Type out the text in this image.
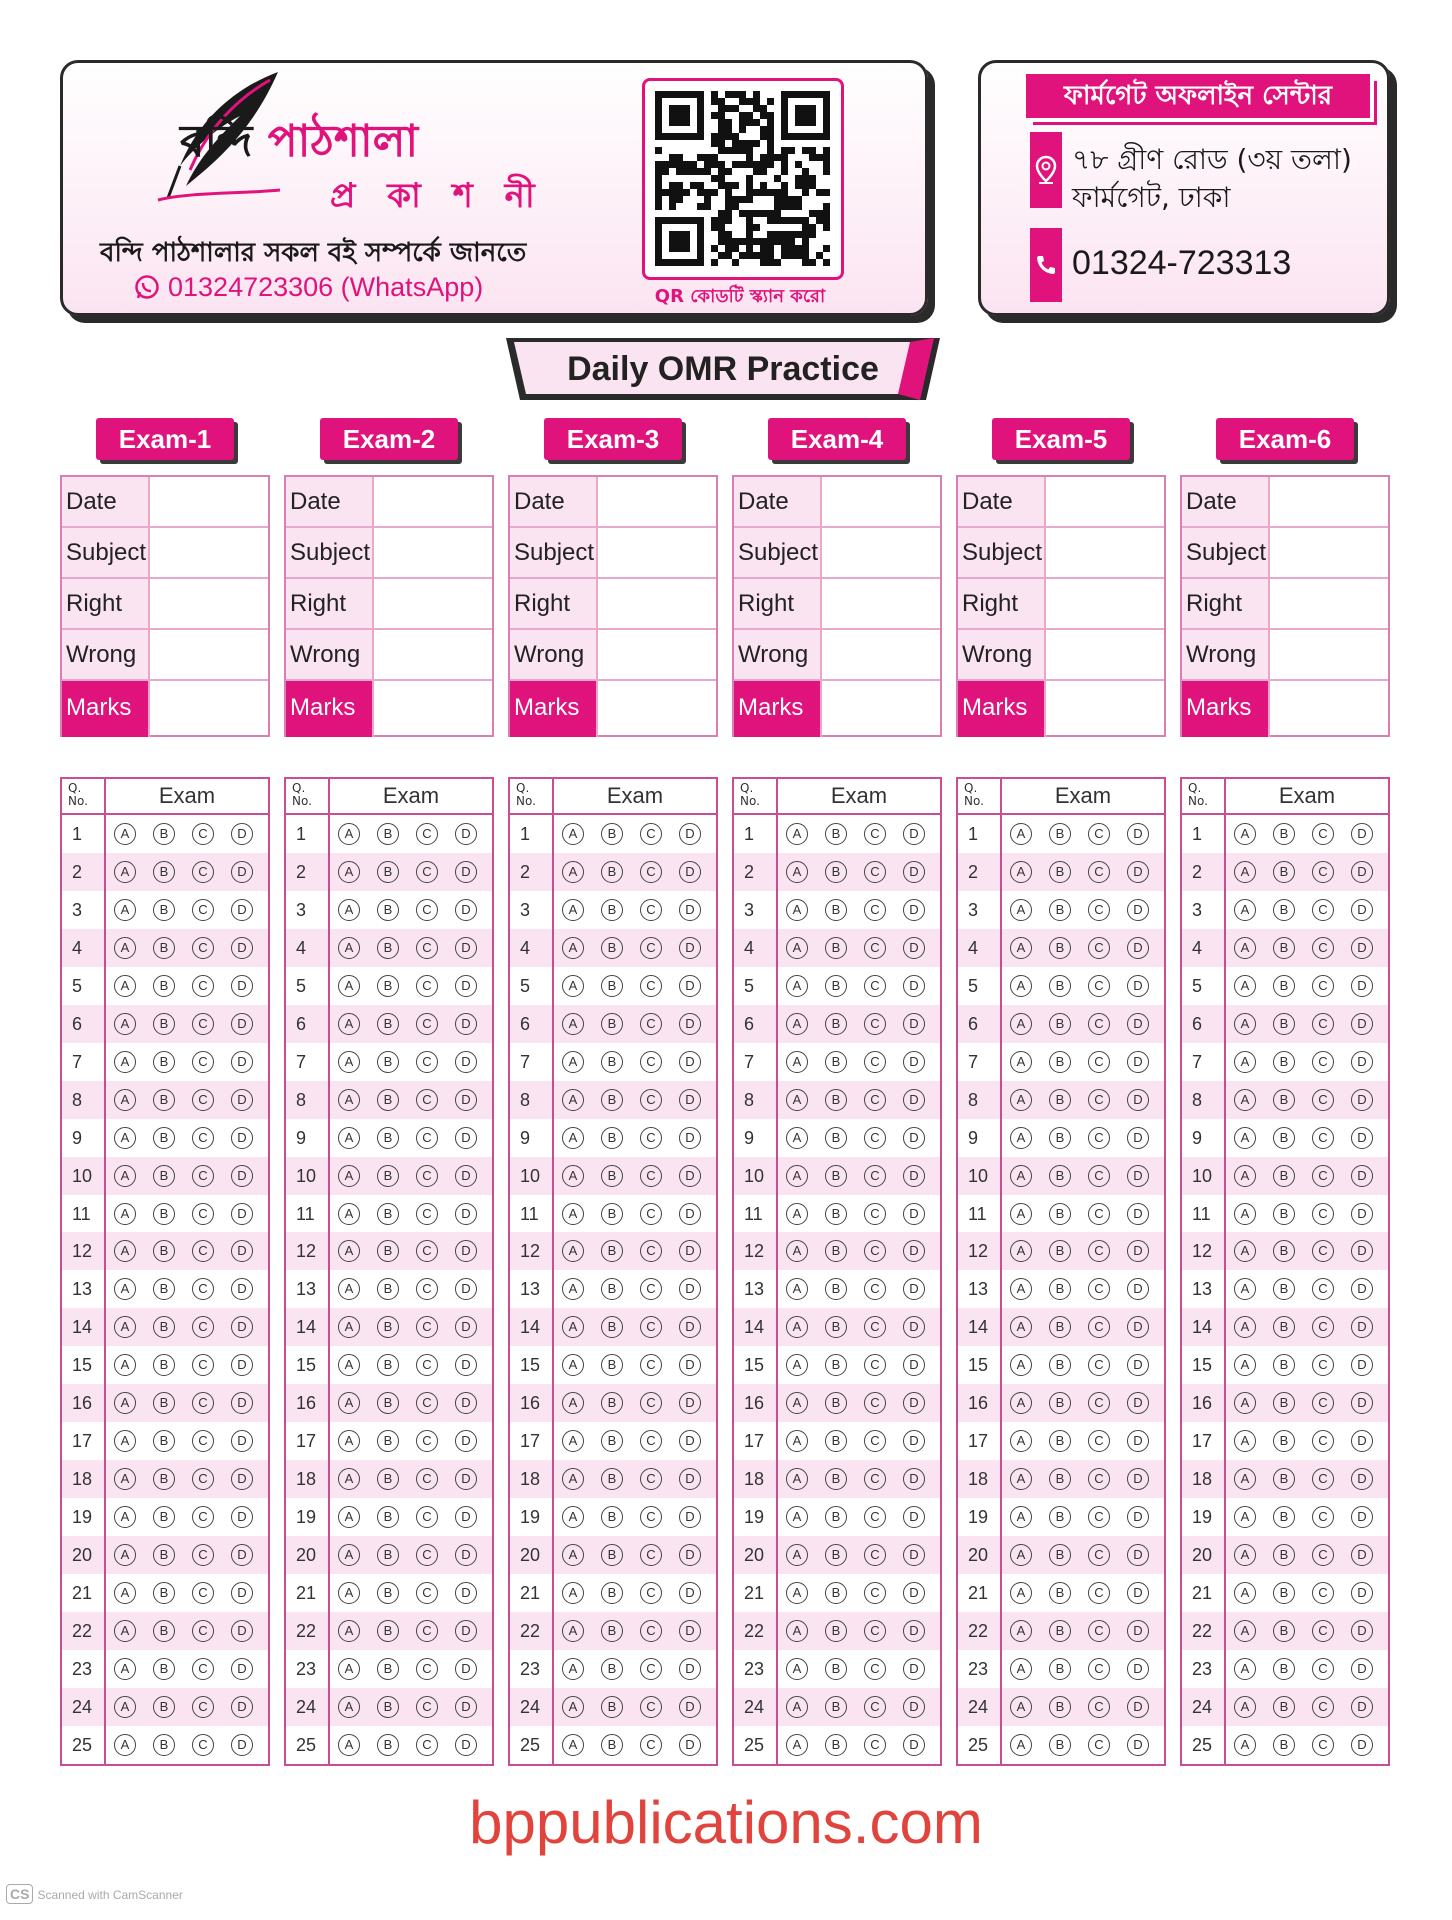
বন্দি পাঠশালা
প্র কা শ নী
বন্দি পাঠশালার সকল বই সম্পর্কে জানতে
01324723306 (WhatsApp)	QR কোডটি স্ক্যান করো
ফার্মগেট অফলাইন সেন্টার
৭৮ গ্রীণ রোড (৩য় তলা)
ফার্মগেট, ঢাকা
01324-723313
Daily OMR Practice
Exam-1
Date
Subject
Right
Wrong
Marks
Q.
No.	Exam
1	A	B	C	D
2	A	B	C	D
3	A	B	C	D
4	A	B	C	D
5	A	B	C	D
6	A	B	C	D
7	A	B	C	D
8	A	B	C	D
9	A	B	C	D
10	A	B	C	D
11	A	B	C	D
12	A	B	C	D
13	A	B	C	D
14	A	B	C	D
15	A	B	C	D
16	A	B	C	D
17	A	B	C	D
18	A	B	C	D
19	A	B	C	D
20	A	B	C	D
21	A	B	C	D
22	A	B	C	D
23	A	B	C	D
24	A	B	C	D
25	A	B	C	D
Exam-2
Date
Subject
Right
Wrong
Marks
Q.
No.	Exam
1	A	B	C	D
2	A	B	C	D
3	A	B	C	D
4	A	B	C	D
5	A	B	C	D
6	A	B	C	D
7	A	B	C	D
8	A	B	C	D
9	A	B	C	D
10	A	B	C	D
11	A	B	C	D
12	A	B	C	D
13	A	B	C	D
14	A	B	C	D
15	A	B	C	D
16	A	B	C	D
17	A	B	C	D
18	A	B	C	D
19	A	B	C	D
20	A	B	C	D
21	A	B	C	D
22	A	B	C	D
23	A	B	C	D
24	A	B	C	D
25	A	B	C	D
Exam-3
Date
Subject
Right
Wrong
Marks
Q.
No.	Exam
1	A	B	C	D
2	A	B	C	D
3	A	B	C	D
4	A	B	C	D
5	A	B	C	D
6	A	B	C	D
7	A	B	C	D
8	A	B	C	D
9	A	B	C	D
10	A	B	C	D
11	A	B	C	D
12	A	B	C	D
13	A	B	C	D
14	A	B	C	D
15	A	B	C	D
16	A	B	C	D
17	A	B	C	D
18	A	B	C	D
19	A	B	C	D
20	A	B	C	D
21	A	B	C	D
22	A	B	C	D
23	A	B	C	D
24	A	B	C	D
25	A	B	C	D
Exam-4
Date
Subject
Right
Wrong
Marks
Q.
No.	Exam
1	A	B	C	D
2	A	B	C	D
3	A	B	C	D
4	A	B	C	D
5	A	B	C	D
6	A	B	C	D
7	A	B	C	D
8	A	B	C	D
9	A	B	C	D
10	A	B	C	D
11	A	B	C	D
12	A	B	C	D
13	A	B	C	D
14	A	B	C	D
15	A	B	C	D
16	A	B	C	D
17	A	B	C	D
18	A	B	C	D
19	A	B	C	D
20	A	B	C	D
21	A	B	C	D
22	A	B	C	D
23	A	B	C	D
24	A	B	C	D
25	A	B	C	D
Exam-5
Date
Subject
Right
Wrong
Marks
Q.
No.	Exam
1	A	B	C	D
2	A	B	C	D
3	A	B	C	D
4	A	B	C	D
5	A	B	C	D
6	A	B	C	D
7	A	B	C	D
8	A	B	C	D
9	A	B	C	D
10	A	B	C	D
11	A	B	C	D
12	A	B	C	D
13	A	B	C	D
14	A	B	C	D
15	A	B	C	D
16	A	B	C	D
17	A	B	C	D
18	A	B	C	D
19	A	B	C	D
20	A	B	C	D
21	A	B	C	D
22	A	B	C	D
23	A	B	C	D
24	A	B	C	D
25	A	B	C	D
Exam-6
Date
Subject
Right
Wrong
Marks
Q.
No.	Exam
1	A	B	C	D
2	A	B	C	D
3	A	B	C	D
4	A	B	C	D
5	A	B	C	D
6	A	B	C	D
7	A	B	C	D
8	A	B	C	D
9	A	B	C	D
10	A	B	C	D
11	A	B	C	D
12	A	B	C	D
13	A	B	C	D
14	A	B	C	D
15	A	B	C	D
16	A	B	C	D
17	A	B	C	D
18	A	B	C	D
19	A	B	C	D
20	A	B	C	D
21	A	B	C	D
22	A	B	C	D
23	A	B	C	D
24	A	B	C	D
25	A	B	C	D
bppublications.com
CS Scanned with CamScanner
